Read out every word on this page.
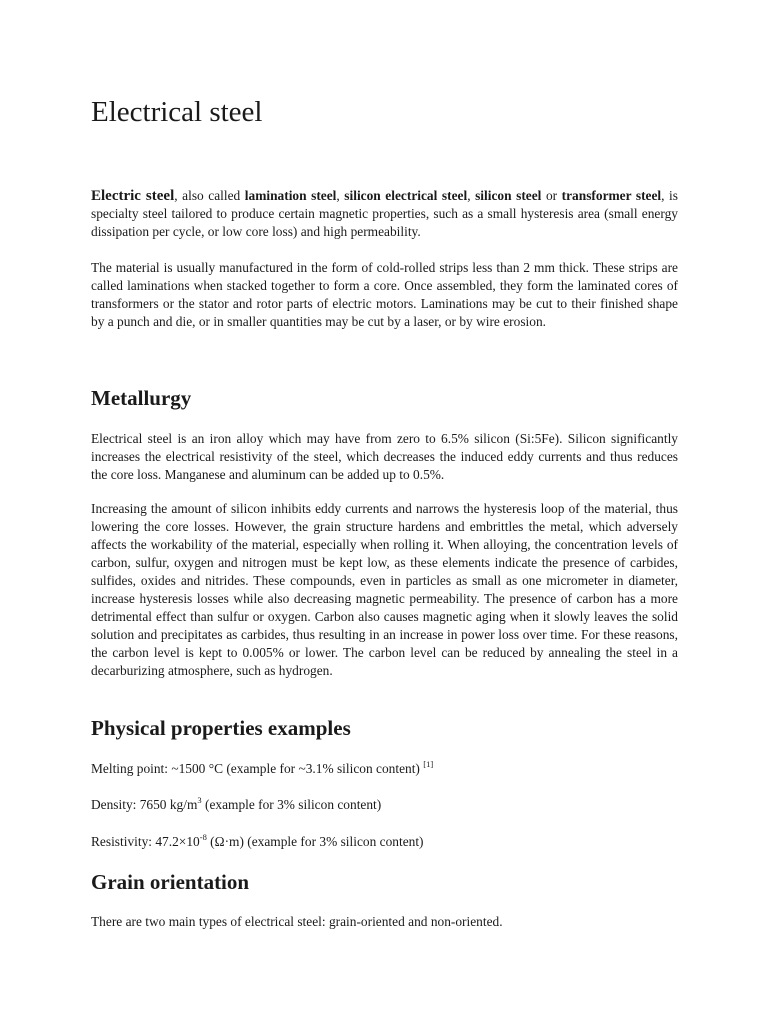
Electrical steel

Electric steel, also called lamination steel, silicon electrical steel, silicon steel or transformer steel, is specialty steel tailored to produce certain magnetic properties, such as a small hysteresis area (small energy dissipation per cycle, or low core loss) and high permeability.

The material is usually manufactured in the form of cold-rolled strips less than 2 mm thick. These strips are called laminations when stacked together to form a core. Once assembled, they form the laminated cores of transformers or the stator and rotor parts of electric motors. Laminations may be cut to their finished shape by a punch and die, or in smaller quantities may be cut by a laser, or by wire erosion.

Metallurgy

Electrical steel is an iron alloy which may have from zero to 6.5% silicon (Si:5Fe). Silicon significantly increases the electrical resistivity of the steel, which decreases the induced eddy currents and thus reduces the core loss. Manganese and aluminum can be added up to 0.5%.

Increasing the amount of silicon inhibits eddy currents and narrows the hysteresis loop of the material, thus lowering the core losses. However, the grain structure hardens and embrittles the metal, which adversely affects the workability of the material, especially when rolling it. When alloying, the concentration levels of carbon, sulfur, oxygen and nitrogen must be kept low, as these elements indicate the presence of carbides, sulfides, oxides and nitrides. These compounds, even in particles as small as one micrometer in diameter, increase hysteresis losses while also decreasing magnetic permeability. The presence of carbon has a more detrimental effect than sulfur or oxygen. Carbon also causes magnetic aging when it slowly leaves the solid solution and precipitates as carbides, thus resulting in an increase in power loss over time. For these reasons, the carbon level is kept to 0.005% or lower. The carbon level can be reduced by annealing the steel in a decarburizing atmosphere, such as hydrogen.

Physical properties examples

Melting point: ~1500 °C (example for ~3.1% silicon content) [1]

Density: 7650 $kg/m^3$ (example for 3% silicon content)

Resistivity: $47.2\times 10^{-8}$ (Ω·m) (example for 3% silicon content)

Grain orientation

There are two main types of electrical steel: grain-oriented and non-oriented.
